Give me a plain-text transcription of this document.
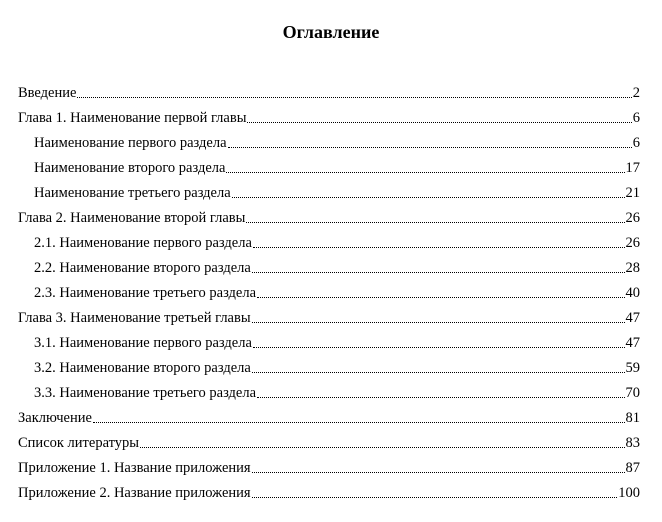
Оглавление
Введение	2
Глава 1. Наименование первой главы	6
Наименование первого раздела	6
Наименование второго раздела	17
Наименование третьего раздела	21
Глава 2. Наименование второй главы	26
2.1. Наименование первого раздела	26
2.2. Наименование второго раздела	28
2.3. Наименование третьего раздела	40
Глава 3. Наименование третьей главы	47
3.1. Наименование первого раздела	47
3.2. Наименование второго раздела	59
3.3. Наименование третьего раздела	70
Заключение	81
Список литературы	83
Приложение 1. Название приложения	87
Приложение 2. Название приложения	100
